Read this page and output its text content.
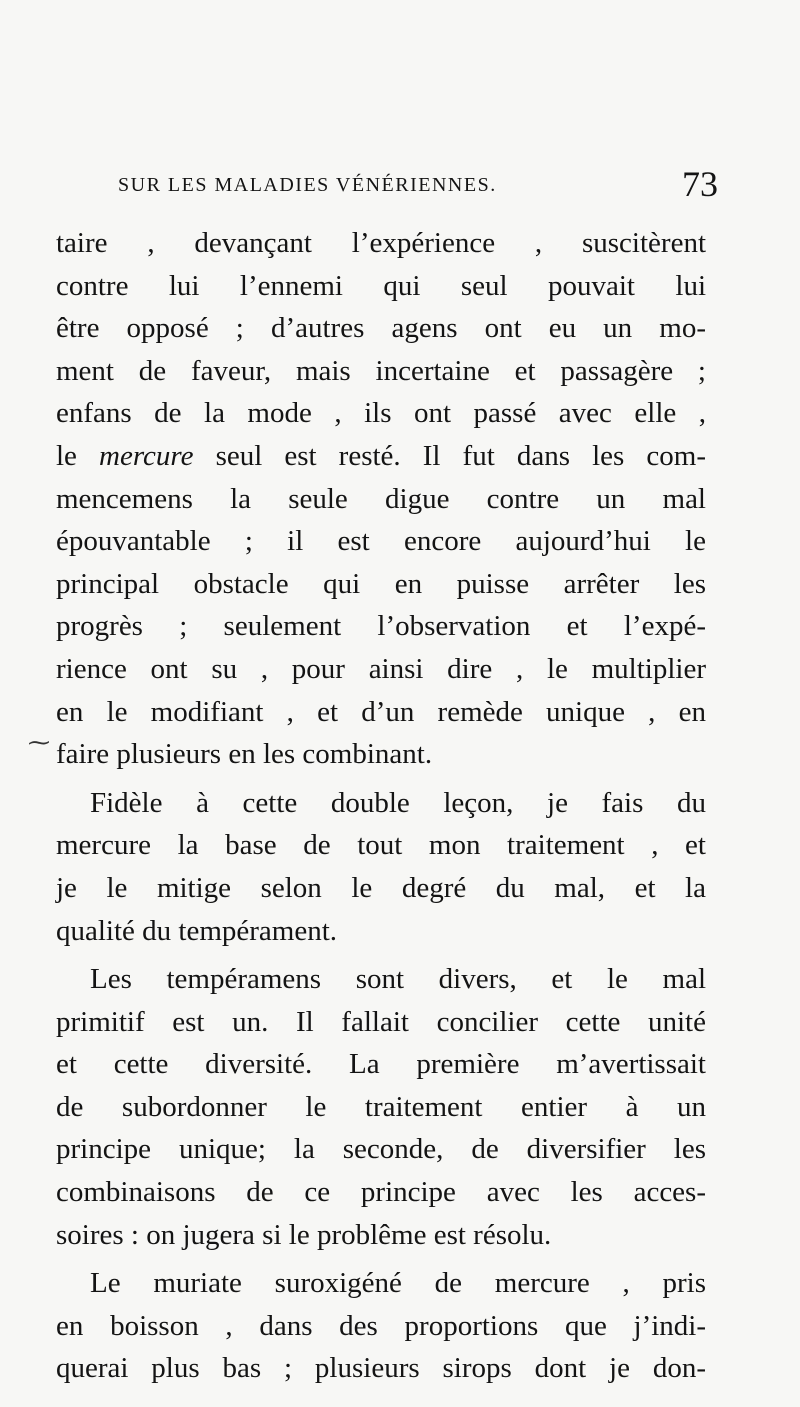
SUR LES MALADIES VÉNÉRIENNES.	73
⁓
taire , devançant l’expérience , suscitèrent
contre lui l’ennemi qui seul pouvait lui
être opposé ; d’autres agens ont eu un mo-
ment de faveur, mais incertaine et passagère ;
enfans de la mode , ils ont passé avec elle ,
le mercure seul est resté. Il fut dans les com-
mencemens la seule digue contre un mal
épouvantable ; il est encore aujourd’hui le
principal obstacle qui en puisse arrêter les
progrès ; seulement l’observation et l’expé-
rience ont su , pour ainsi dire , le multiplier
en le modifiant , et d’un remède unique , en
faire plusieurs en les combinant.
Fidèle à cette double leçon, je fais du
mercure la base de tout mon traitement , et
je le mitige selon le degré du mal, et la
qualité du tempérament.
Les tempéramens sont divers, et le mal
primitif est un. Il fallait concilier cette unité
et cette diversité. La première m’avertissait
de subordonner le traitement entier à un
principe unique; la seconde, de diversifier les
combinaisons de ce principe avec les acces-
soires : on jugera si le problême est résolu.
Le muriate suroxigéné de mercure , pris
en boisson , dans des proportions que j’indi-
querai plus bas ; plusieurs sirops dont je don-
